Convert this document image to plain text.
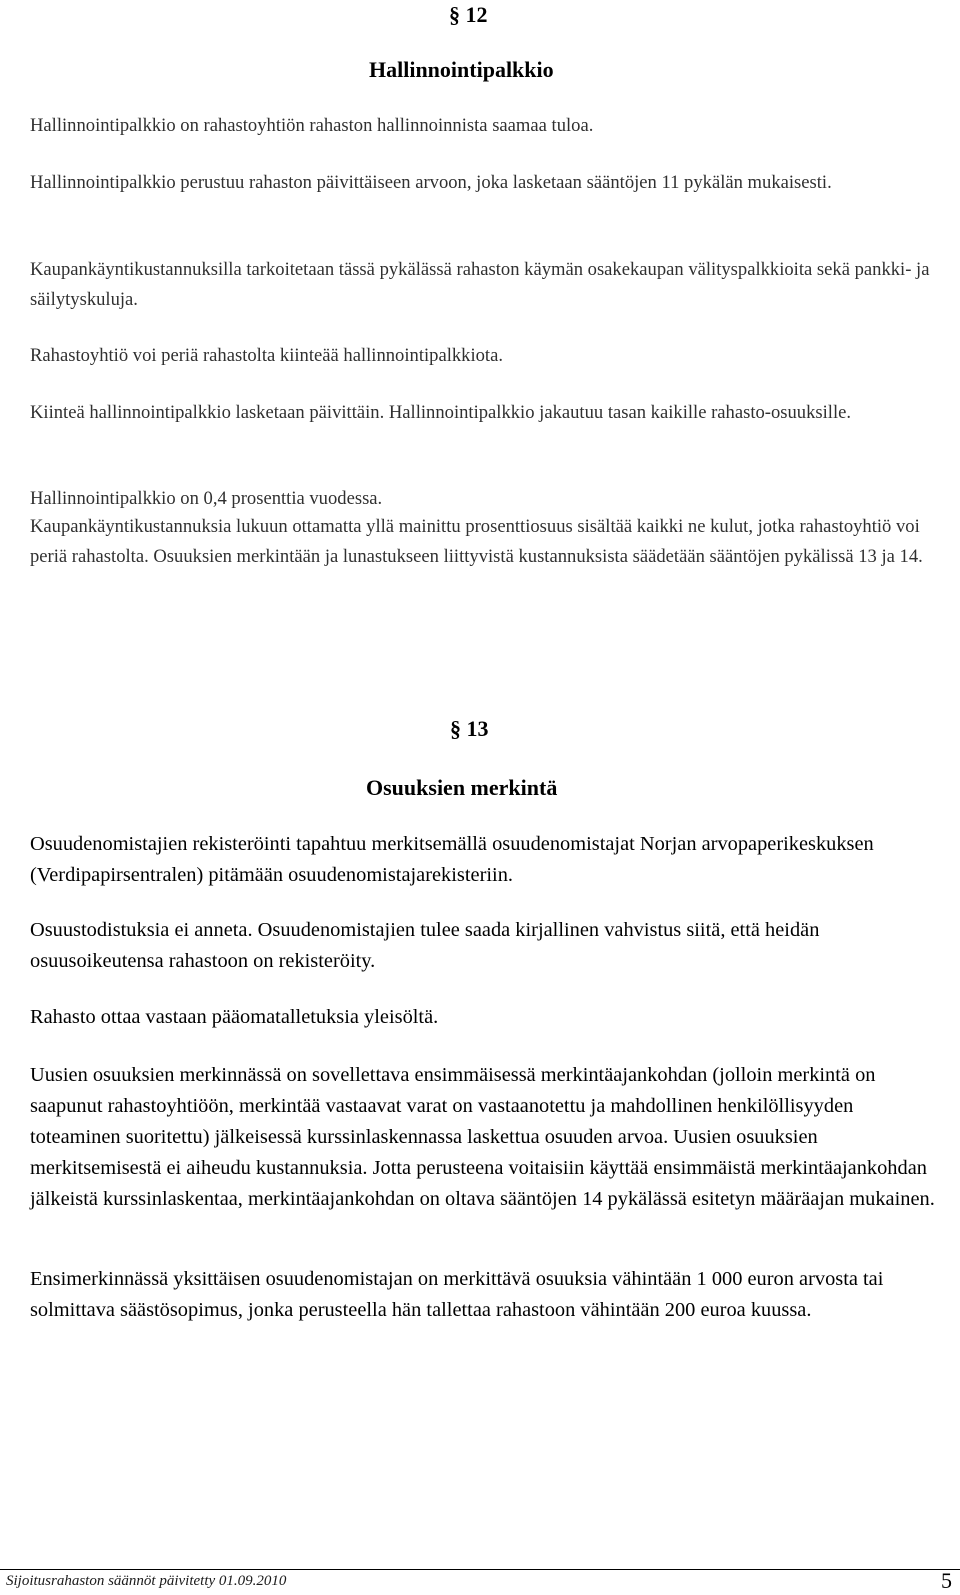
§ 12
Hallinnointipalkkio

Hallinnointipalkkio on rahastoyhtiön rahaston hallinnoinnista saamaa tuloa.

Hallinnointipalkkio perustuu rahaston päivittäiseen arvoon, joka lasketaan sääntöjen 11 pykälän mukaisesti.

Kaupankäyntikustannuksilla tarkoitetaan tässä pykälässä rahaston käymän osakekaupan välityspalkkioita sekä pankki- ja säilytyskuluja.

Rahastoyhtiö voi periä rahastolta kiinteää hallinnointipalkkiota.

Kiinteä hallinnointipalkkio lasketaan päivittäin. Hallinnointipalkkio jakautuu tasan kaikille rahasto-osuuksille.

Hallinnointipalkkio on 0,4 prosenttia vuodessa.

Kaupankäyntikustannuksia lukuun ottamatta yllä mainittu prosenttiosuus sisältää kaikki ne kulut, jotka rahastoyhtiö voi periä rahastolta. Osuuksien merkintään ja lunastukseen liittyvistä kustannuksista säädetään sääntöjen pykälissä 13 ja 14.

§ 13
Osuuksien merkintä

Osuudenomistajien rekisteröinti tapahtuu merkitsemällä osuudenomistajat Norjan arvopaperikeskuksen (Verdipapirsentralen) pitämään osuudenomistajarekisteriin.

Osuustodistuksia ei anneta. Osuudenomistajien tulee saada kirjallinen vahvistus siitä, että heidän osuusoikeutensa rahastoon on rekisteröity.

Rahasto ottaa vastaan pääomatalletuksia yleisöltä.

Uusien osuuksien merkinnässä on sovellettava ensimmäisessä merkintäajankohdan (jolloin merkintä on saapunut rahastoyhtiöön, merkintää vastaavat varat on vastaanotettu ja mahdollinen henkilöllisyyden toteaminen suoritettu) jälkeisessä kurssinlaskennassa laskettua osuuden arvoa. Uusien osuuksien merkitsemisestä ei aiheudu kustannuksia. Jotta perusteena voitaisiin käyttää ensimmäistä merkintäajankohdan jälkeistä kurssinlaskentaa, merkintäajankohdan on oltava sääntöjen 14 pykälässä esitetyn määräajan mukainen.

Ensimerkinnässä yksittäisen osuudenomistajan on merkittävä osuuksia vähintään 1 000 euron arvosta tai solmittava säästösopimus, jonka perusteella hän tallettaa rahastoon vähintään 200 euroa kuussa.

Sijoitusrahaston säännöt päivitetty 01.09.2010	5
